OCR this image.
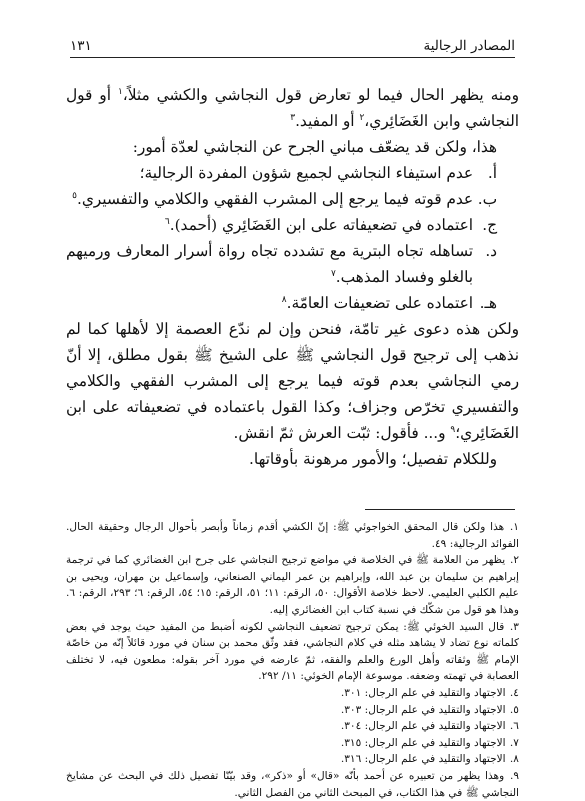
المصادر الرجالية
١٣١

ومنه يظهر الحال فيما لو تعارض قول النجاشي والكشي مثلاً،$^١$ أو قول النجاشي وابن الغَضَائِري،$^٢$ أو المفيد.$^٣$

هذا، ولكن قد يضعّف مباني الجرح عن النجاشي لعدّة أمور:

أ.
عدم استيفاء النجاشي لجميع شؤون المفردة الرجالية؛
ب.
عدم قوته فيما يرجع إلى المشرب الفقهي والكلامي والتفسيري.$^٥$
ج.
اعتماده في تضعيفاته على ابن الغَضَائِري (أحمد).$^٦$
د.
تساهله تجاه البترية مع تشدده تجاه رواة أسرار المعارف ورميهم بالغلو وفساد المذهب.$^٧$
هـ.
اعتماده على تضعيفات العامّة.$^٨$

ولكن هذه دعوى غير تامّة، فنحن وإن لم ندّع العصمة إلا لأهلها كما لم نذهب إلى ترجيح قول النجاشي ﷺ على الشيخ ﷺ بقول مطلق، إلا أنّ رمي النجاشي بعدم قوته فيما يرجع إلى المشرب الفقهي والكلامي والتفسيري تخرّص وجزاف؛ وكذا القول باعتماده في تضعيفاته على ابن الغَضَائِري؛$^٩$ و... فأقول: ثبّت العرش ثمّ انقش.

وللكلام تفصيل؛ والأمور مرهونة بأوقاتها.

١. هذا ولكن قال المحقق الخواجوئي ﷺ: إنّ الكشي أقدم زماناً وأبصر بأحوال الرجال وحقيقة الحال. الفوائد الرجالية: ٤٩.

٢. يظهر من العلامة ﷺ في الخلاصة في مواضع ترجيح النجاشي على جرح ابن الغضائري كما في ترجمة إبراهيم بن سليمان بن عبد الله، وإبراهيم بن عمر اليماني الصنعاني، وإسماعيل بن مهران، ويحيى بن عليم الكلبي العليمي. لاحظ خلاصة الأقوال: ٥٠، الرقم: ١١؛ ٥١، الرقم: ١٥؛ ٥٤، الرقم: ٦؛ ٢٩٣، الرقم: ٦. وهذا هو قول من شكّك في نسبة كتاب ابن الغضائري إليه.

٣. قال السيد الخوئي ﷺ: يمكن ترجيح تضعيف النجاشي لكونه أضبط من المفيد حيث يوجد في بعض كلماته نوع تضاد لا يشاهد مثله في كلام النجاشي، فقد وثّق محمد بن سنان في مورد قائلاً إنّه من خاصّة الإمام ﷺ وثقاته وأهل الورع والعلم والفقه، ثمّ عارضه في مورد آخر بقوله: مطعون فيه، لا تختلف العصابة في تهمته وضعفه. موسوعة الإمام الخوئي: ١١/ ٢٩٢.

٤. الاجتهاد والتقليد في علم الرجال: ٣٠١.

٥. الاجتهاد والتقليد في علم الرجال: ٣٠٣.

٦. الاجتهاد والتقليد في علم الرجال: ٣٠٤.

٧. الاجتهاد والتقليد في علم الرجال: ٣١٥.

٨. الاجتهاد والتقليد في علم الرجال: ٣١٦.

٩. وهذا يظهر من تعبيره عن أحمد بأنّه «قال» أو «ذكر»، وقد بيّنّا تفصيل ذلك في البحث عن مشايخ النجاشي ﷺ في هذا الكتاب، في المبحث الثاني من الفصل الثاني.
